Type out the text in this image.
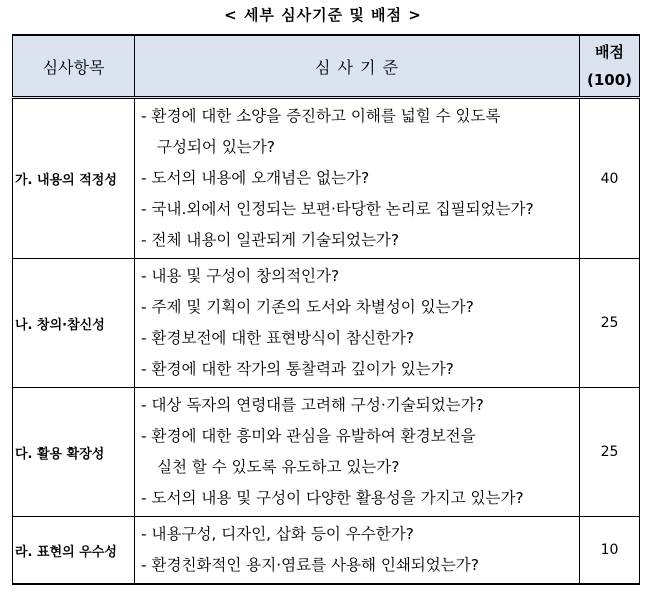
< 세부 심사기준 및 배점 >
심사항목	심 사 기 준	배점
(100)

가. 내용의 적정성	- 환경에 대한 소양을 증진하고 이해를 넓힐 수 있도록
구성되어 있는가?
- 도서의 내용에 오개념은 없는가?
- 국내.외에서 인정되는 보편·타당한 논리로 집필되었는가?
- 전체 내용이 일관되게 기술되었는가?	40
나. 창의·참신성	- 내용 및 구성이 창의적인가?
- 주제 및 기획이 기존의 도서와 차별성이 있는가?
- 환경보전에 대한 표현방식이 참신한가?
- 환경에 대한 작가의 통찰력과 깊이가 있는가?	25
다. 활용 확장성	- 대상 독자의 연령대를 고려해 구성·기술되었는가?
- 환경에 대한 흥미와 관심을 유발하여 환경보전을
실천 할 수 있도록 유도하고 있는가?
- 도서의 내용 및 구성이 다양한 활용성을 가지고 있는가?	25
라. 표현의 우수성	- 내용구성, 디자인, 삽화 등이 우수한가?
- 환경친화적인 용지·염료를 사용해 인쇄되었는가?	10
